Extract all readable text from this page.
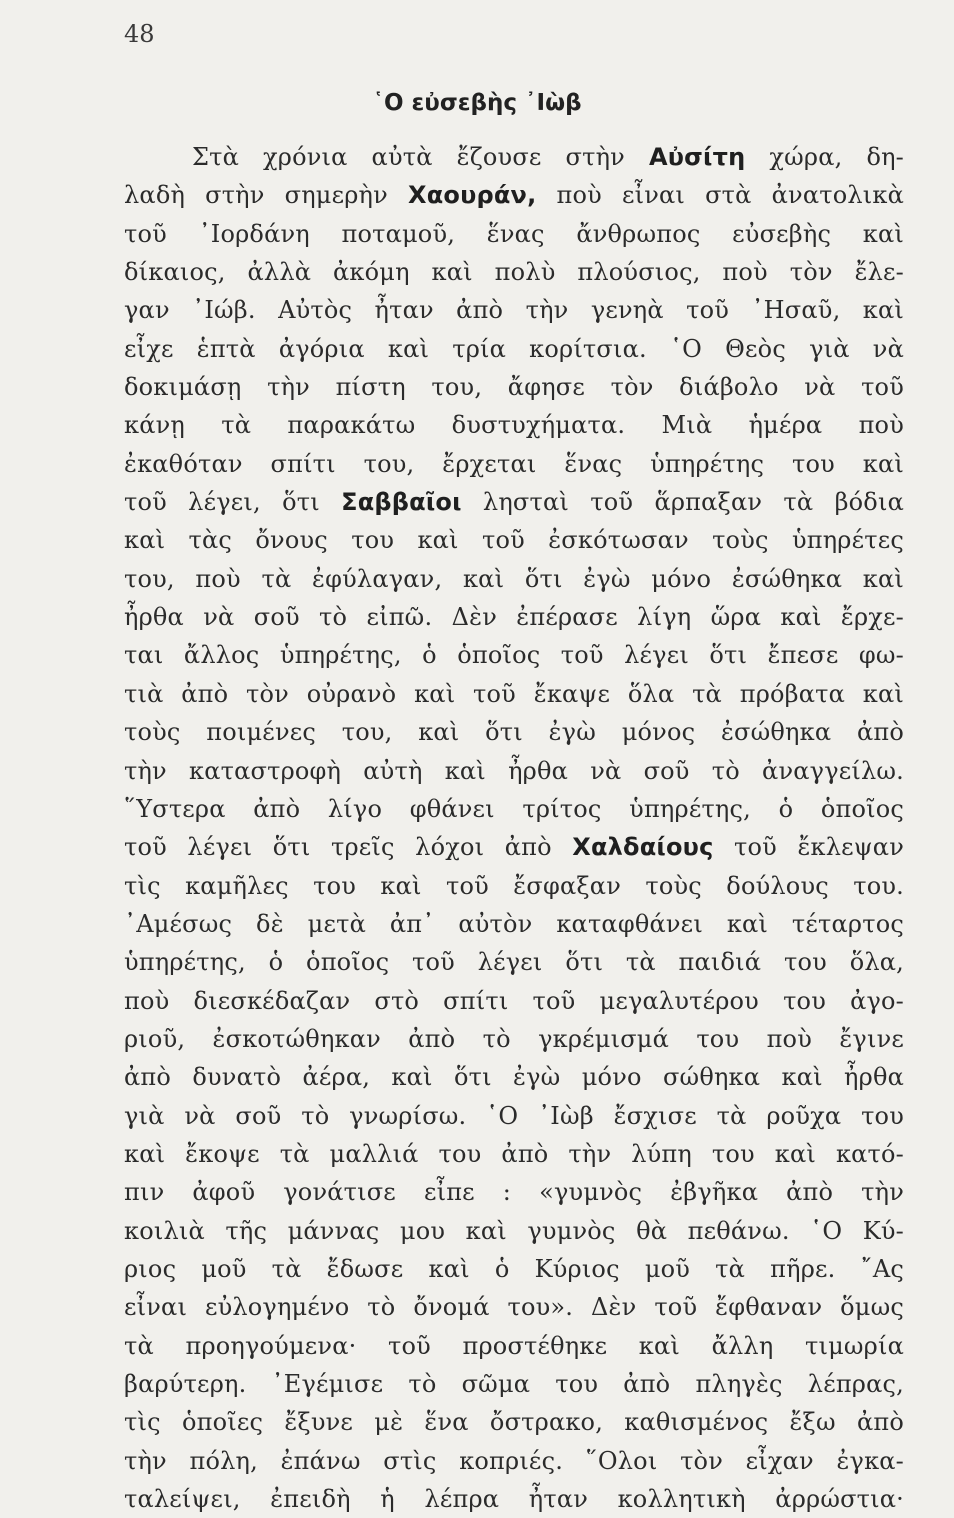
48
῾Ο εὐσεβὴς ᾽Ιὼβ
Στὰ χρόνια αὐτὰ ἔζουσε στὴν Αὐσίτη χώρα, δη-
λαδὴ στὴν σημερὴν Χαουράν, ποὺ εἶναι στὰ ἀνατολικὰ
τοῦ ᾽Ιορδάνη ποταμοῦ, ἕνας ἄνθρωπος εὐσεβὴς καὶ
δίκαιος, ἀλλὰ ἀκόμη καὶ πολὺ πλούσιος, ποὺ τὸν ἔλε-
γαν ᾽Ιώβ. Αὐτὸς ἦταν ἀπὸ τὴν γενηὰ τοῦ ᾽Ησαῦ, καὶ
εἶχε ἑπτὰ ἀγόρια καὶ τρία κορίτσια. ῾Ο Θεὸς γιὰ νὰ
δοκιμάσῃ τὴν πίστη του, ἄφησε τὸν διάβολο νὰ τοῦ
κάνῃ τὰ παρακάτω δυστυχήματα. Μιὰ ἡμέρα ποὺ
ἐκαθόταν σπίτι του, ἔρχεται ἕνας ὑπηρέτης του καὶ
τοῦ λέγει, ὅτι Σαββαῖοι λησταὶ τοῦ ἅρπαξαν τὰ βόδια
καὶ τὰς ὄνους του καὶ τοῦ ἐσκότωσαν τοὺς ὑπηρέτες
του, ποὺ τὰ ἐφύλαγαν, καὶ ὅτι ἐγὼ μόνο ἐσώθηκα καὶ
ἦρθα νὰ σοῦ τὸ εἰπῶ. Δὲν ἐπέρασε λίγη ὥρα καὶ ἔρχε-
ται ἄλλος ὑπηρέτης, ὁ ὁποῖος τοῦ λέγει ὅτι ἔπεσε φω-
τιὰ ἀπὸ τὸν οὐρανὸ καὶ τοῦ ἔκαψε ὅλα τὰ πρόβατα καὶ
τοὺς ποιμένες του, καὶ ὅτι ἐγὼ μόνος ἐσώθηκα ἀπὸ
τὴν καταστροφὴ αὐτὴ καὶ ἦρθα νὰ σοῦ τὸ ἀναγγείλω.
῞Υστερα ἀπὸ λίγο φθάνει τρίτος ὑπηρέτης, ὁ ὁποῖος
τοῦ λέγει ὅτι τρεῖς λόχοι ἀπὸ Χαλδαίους τοῦ ἔκλεψαν
τὶς καμῆλες του καὶ τοῦ ἔσφαξαν τοὺς δούλους του.
᾽Αμέσως δὲ μετὰ ἀπ᾽ αὐτὸν καταφθάνει καὶ τέταρτος
ὑπηρέτης, ὁ ὁποῖος τοῦ λέγει ὅτι τὰ παιδιά του ὅλα,
ποὺ διεσκέδαζαν στὸ σπίτι τοῦ μεγαλυτέρου του ἀγο-
ριοῦ, ἐσκοτώθηκαν ἀπὸ τὸ γκρέμισμά του ποὺ ἔγινε
ἀπὸ δυνατὸ ἀέρα, καὶ ὅτι ἐγὼ μόνο σώθηκα καὶ ἦρθα
γιὰ νὰ σοῦ τὸ γνωρίσω. ῾Ο ᾽Ιὼβ ἔσχισε τὰ ροῦχα του
καὶ ἔκοψε τὰ μαλλιά του ἀπὸ τὴν λύπη του καὶ κατό-
πιν ἀφοῦ γονάτισε εἶπε : «γυμνὸς ἐβγῆκα ἀπὸ τὴν
κοιλιὰ τῆς μάννας μου καὶ γυμνὸς θὰ πεθάνω. ῾Ο Κύ-
ριος μοῦ τὰ ἔδωσε καὶ ὁ Κύριος μοῦ τὰ πῆρε. ῎Ας
εἶναι εὐλογημένο τὸ ὄνομά του». Δὲν τοῦ ἔφθαναν ὅμως
τὰ προηγούμενα· τοῦ προστέθηκε καὶ ἄλλη τιμωρία
βαρύτερη. ᾽Εγέμισε τὸ σῶμα του ἀπὸ πληγὲς λέπρας,
τὶς ὁποῖες ἔξυνε μὲ ἕνα ὄστρακο, καθισμένος ἔξω ἀπὸ
τὴν πόλη, ἐπάνω στὶς κοπριές. ῞Ολοι τὸν εἶχαν ἐγκα-
ταλείψει, ἐπειδὴ ἡ λέπρα ἦταν κολλητικὴ ἀρρώστια·
